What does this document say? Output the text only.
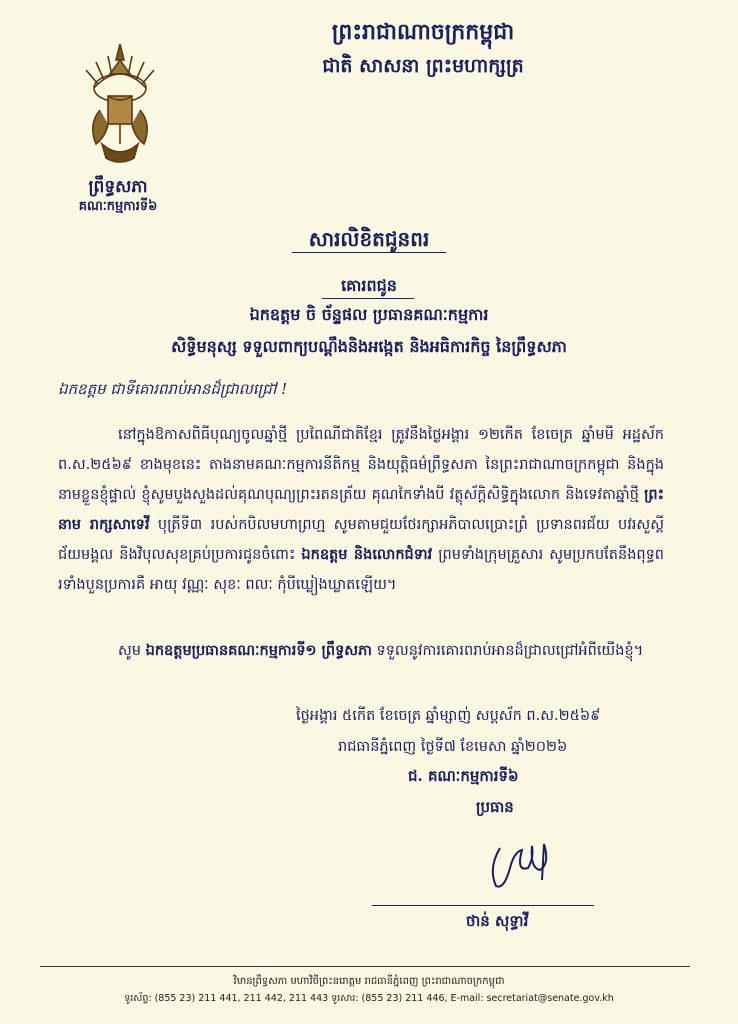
ព្រះរាជាណាចក្រកម្ពុជា
ជាតិ សាសនា ព្រះមហាក្សត្រ
ព្រឹទ្ធសភា
គណៈកម្មការទី៦
សារលិខិតជូនពរ
គោរពជូន
ឯកឧត្តម ចិ ច័ន្ទផល ប្រធានគណៈកម្មការ
សិទ្ធិមនុស្ស ទទួលពាក្យបណ្តឹងនិងអង្កេត និងអធិការកិច្ច នៃព្រឹទ្ធសភា
ឯកឧត្តម ជាទីគោរពរាប់អានដ៏ជ្រាលជ្រៅ !
នៅក្នុងឱកាសពិធីបុណ្យចូលឆ្នាំថ្មី ប្រពៃណីជាតិខ្មែរ ត្រូវនឹងថ្ងៃអង្គារ ១២កើត ខែចេត្រ ឆ្នាំមមី អដ្ឋស័ក ព.ស.២៥៦៩ ខាងមុខនេះ តាងនាមគណៈកម្មការនីតិកម្ម និងយុត្តិធម៌ព្រឹទ្ធសភា នៃព្រះរាជាណាចក្រកម្ពុជា និងក្នុងនាមខ្លួនខ្ញុំផ្ទាល់ ខ្ញុំសូមបួងសួងដល់គុណបុណ្យព្រះរតនត្រ័យ គុណកៃទាំងបី វត្ថុស័ក្តិសិទ្ធិក្នុងលោក និងទេវតាឆ្នាំថ្មី ព្រះនាម រាក្សសាទេវី បុត្រីទី៣ របស់កបិលមហាព្រហ្ម សូមតាមជួយថែរក្សាអភិបាលប្រោះព្រំ ប្រទានពរជ័យ បវរសួស្តី ជ័យមង្គល និងវិបុលសុខគ្រប់ប្រការជូនចំពោះ ឯកឧត្តម និងលោកជំទាវ ព្រមទាំងក្រុមគ្រួសារ សូមប្រកបតែនឹងពុទ្ធពរទាំងបួនប្រការគឺ អាយុ វណ្ណៈ សុខៈ ពលៈ កុំបីឃ្លៀងឃ្លាតឡើយ។
សូម ឯកឧត្តមប្រធានគណៈកម្មការទី១ ព្រឹទ្ធសភា ទទួលនូវការគោរពរាប់អានដ៏ជ្រាលជ្រៅអំពីយើងខ្ញុំ។
ថ្ងៃអង្គារ ៥កើត ខែចេត្រ ឆ្នាំម្សាញ់ សប្តស័ក ព.ស.២៥៦៩
រាជធានីភ្នំពេញ ថ្ងៃទី៧ ខែមេសា ឆ្នាំ២០២៦
ជ. គណៈកម្មការទី៦
ប្រធាន
ថាន់ សុទ្ធាវី
វិមានព្រឹទ្ធសភា មហាវិថីព្រះនរោត្តម រាជធានីភ្នំពេញ ព្រះរាជាណាចក្រកម្ពុជា
ទូរស័ព្ទ: (855 23) 211 441, 211 442, 211 443 ទូរសារ: (855 23) 211 446, E-mail: secretariat@senate.gov.kh
